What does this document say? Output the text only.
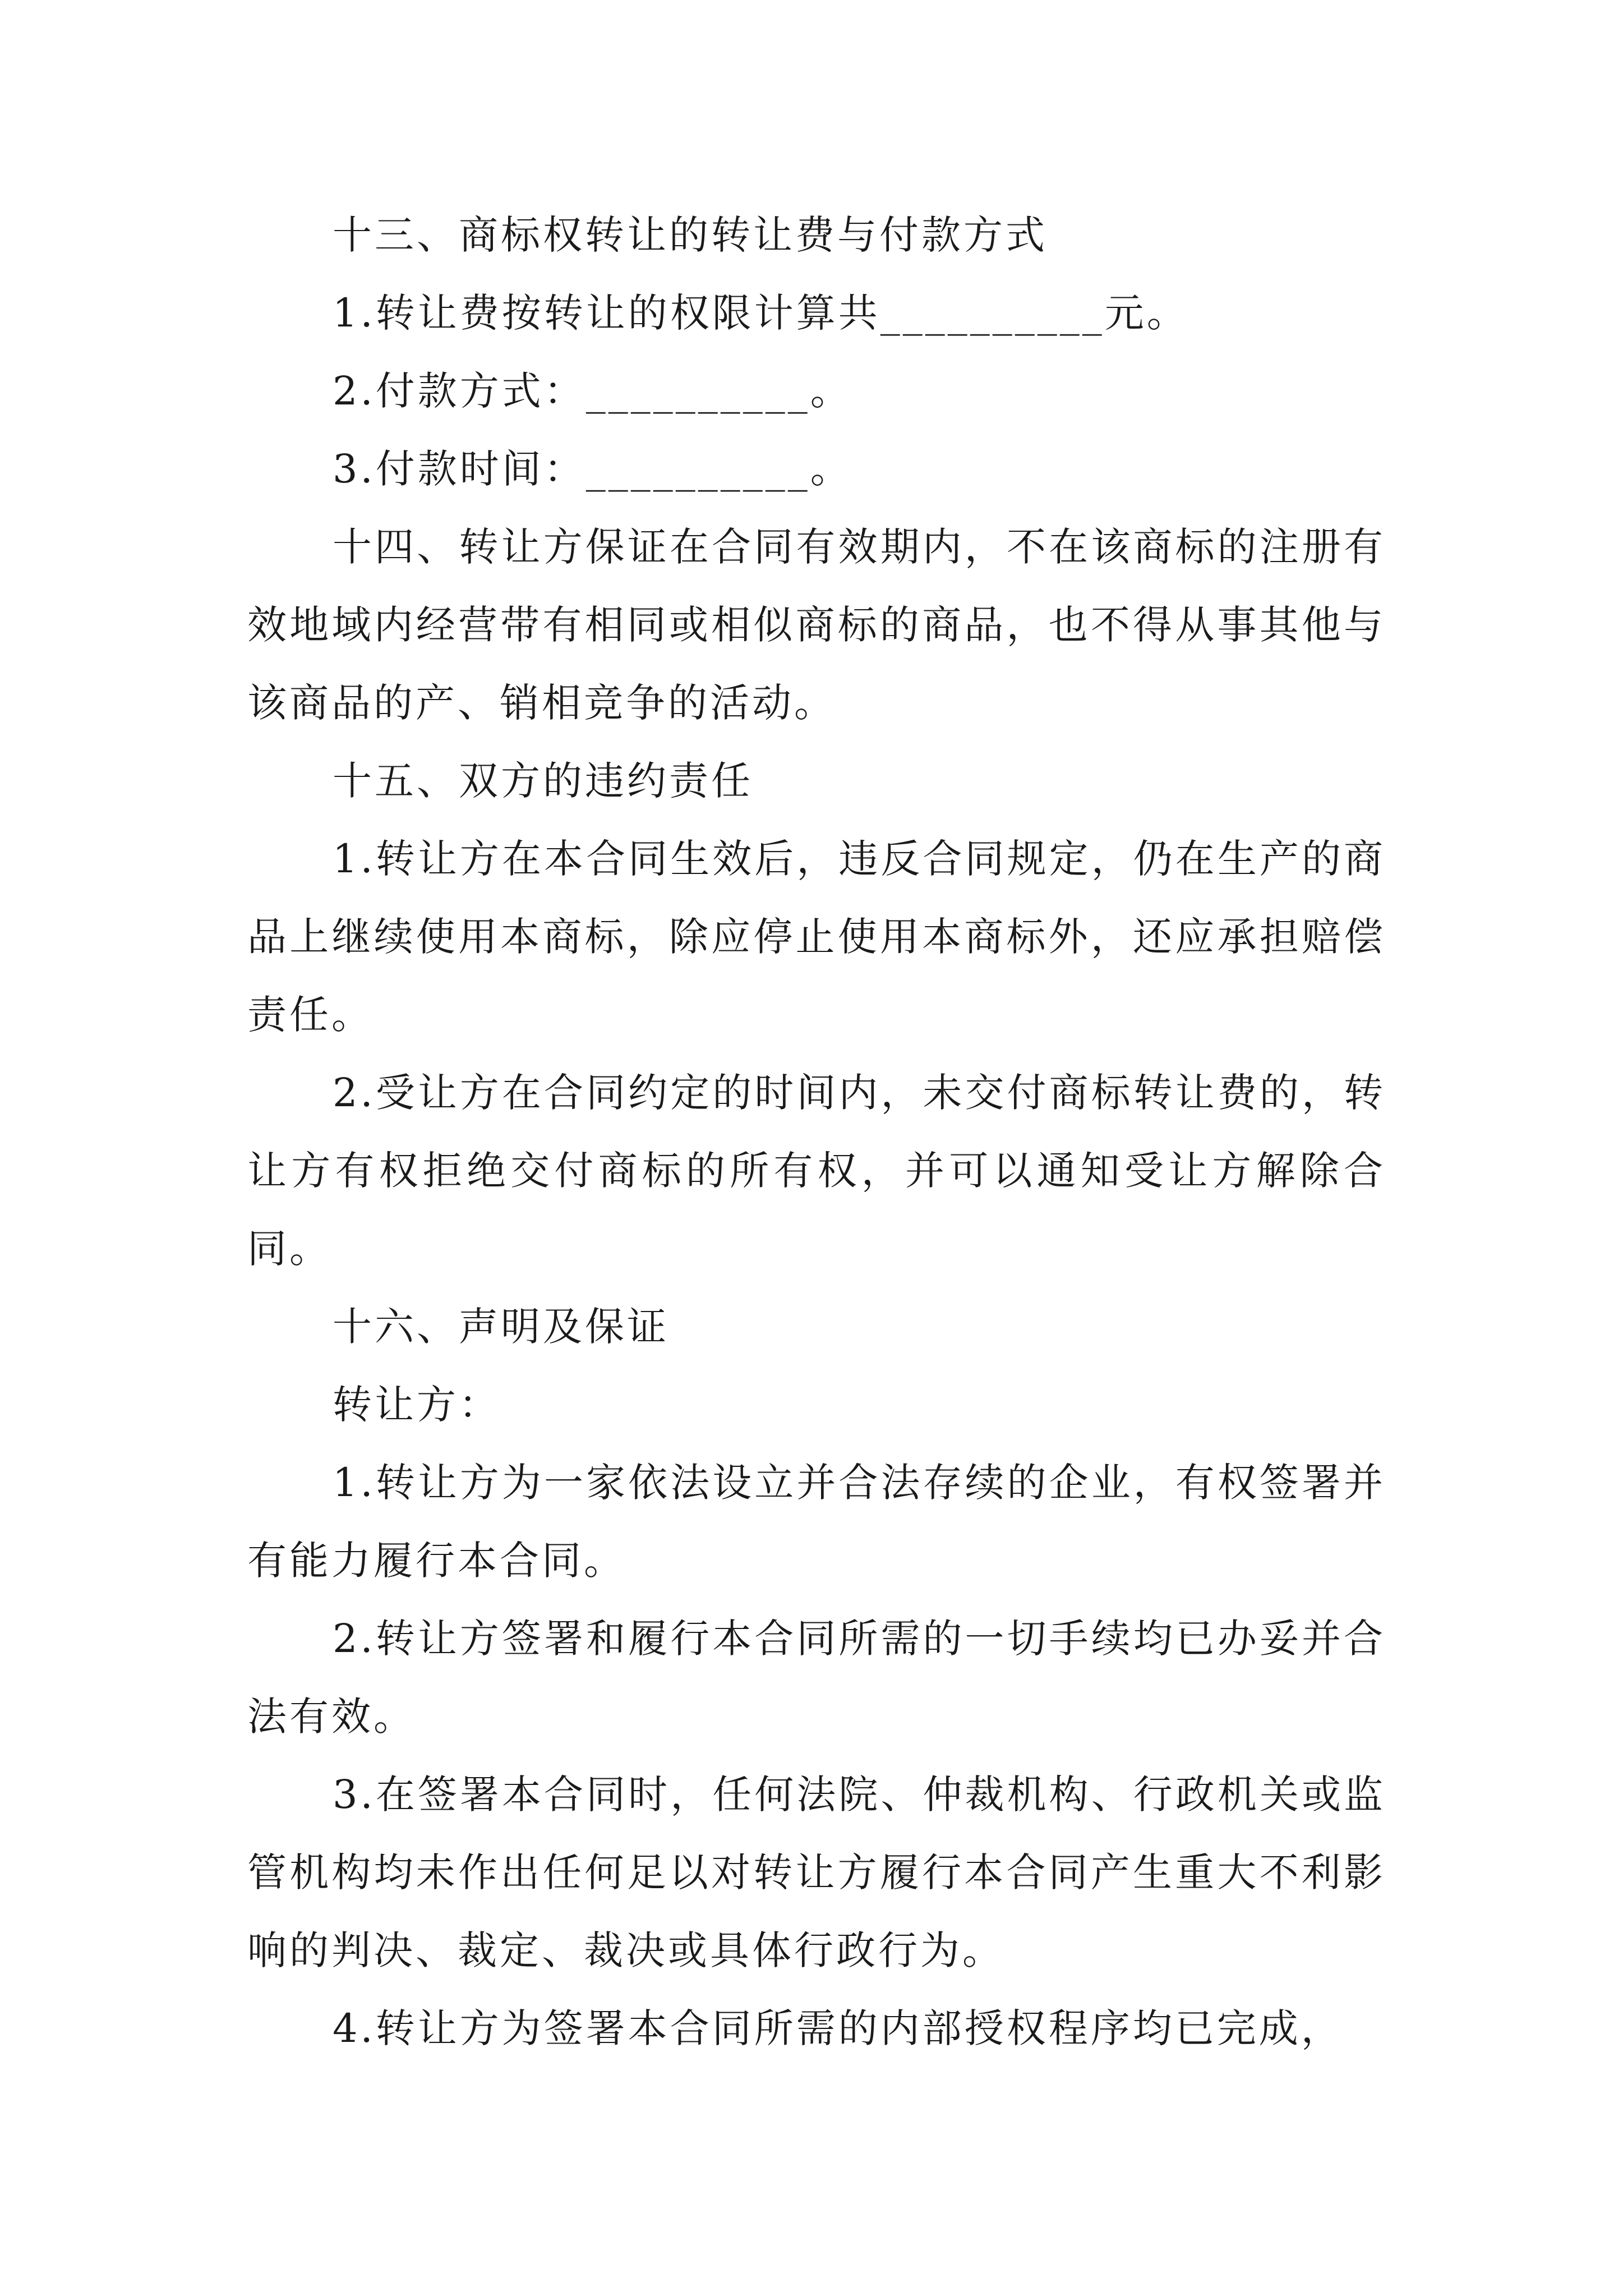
十三、商标权转让的转让费与付款方式

1.转让费按转让的权限计算共__________元。

2.付款方式：__________。

3.付款时间：__________。

十四、转让方保证在合同有效期内，不在该商标的注册有效地域内经营带有相同或相似商标的商品，也不得从事其他与该商品的产、销相竞争的活动。

十五、双方的违约责任

1.转让方在本合同生效后，违反合同规定，仍在生产的商品上继续使用本商标，除应停止使用本商标外，还应承担赔偿责任。

2.受让方在合同约定的时间内，未交付商标转让费的，转让方有权拒绝交付商标的所有权，并可以通知受让方解除合同。

十六、声明及保证

转让方：

1.转让方为一家依法设立并合法存续的企业，有权签署并有能力履行本合同。

2.转让方签署和履行本合同所需的一切手续均已办妥并合法有效。

3.在签署本合同时，任何法院、仲裁机构、行政机关或监管机构均未作出任何足以对转让方履行本合同产生重大不利影响的判决、裁定、裁决或具体行政行为。

4.转让方为签署本合同所需的内部授权程序均已完成，
